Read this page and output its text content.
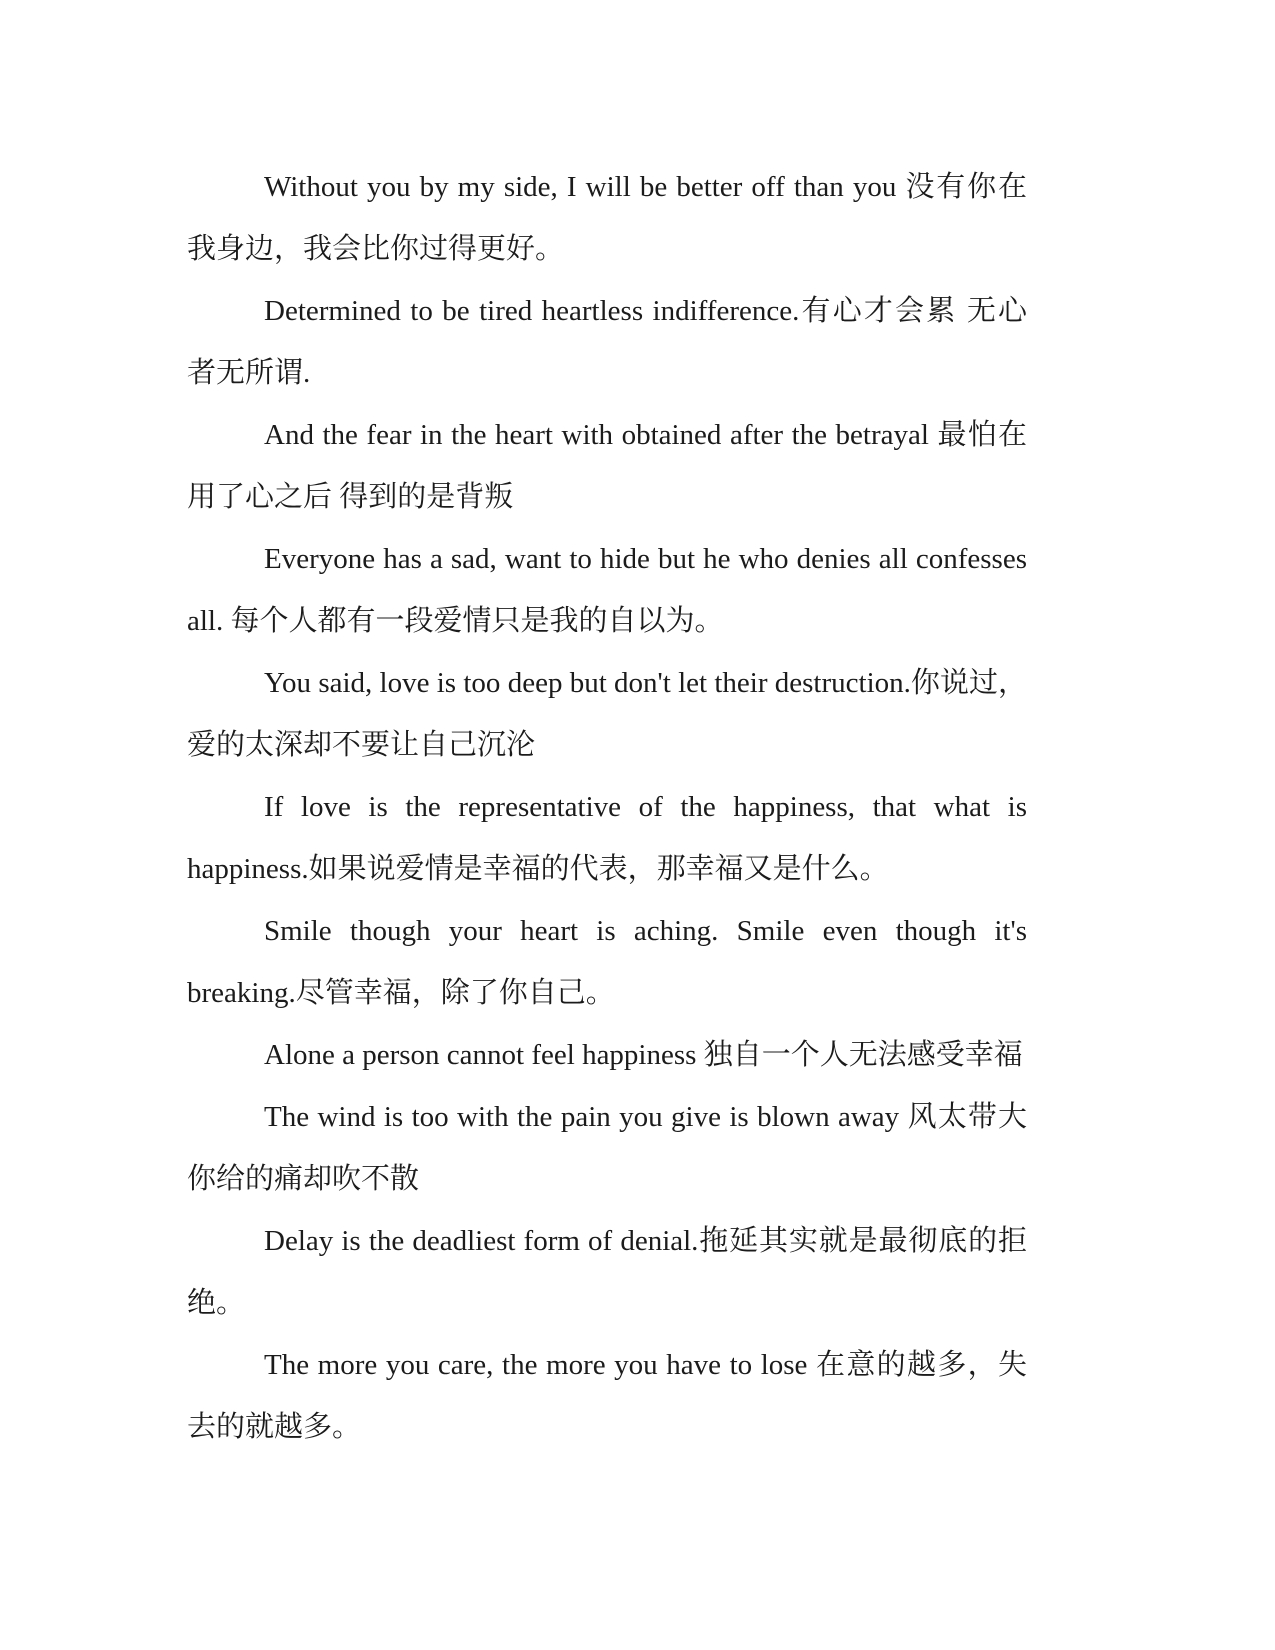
Without you by my side, I will be better off than you 没有你在我身边，我会比你过得更好。

Determined to be tired heartless indifference.有心才会累 无心者无所谓.

And the fear in the heart with obtained after the betrayal 最怕在用了心之后 得到的是背叛

Everyone has a sad, want to hide but he who denies all confesses all. 每个人都有一段爱情只是我的自以为。

You said, love is too deep but don't let their destruction.你说过，爱的太深却不要让自己沉沦

If love is the representative of the happiness, that what is happiness.如果说爱情是幸福的代表，那幸福又是什么。

Smile though your heart is aching. Smile even though it's breaking.尽管幸福，除了你自己。

Alone a person cannot feel happiness 独自一个人无法感受幸福

The wind is too with the pain you give is blown away 风太带大你给的痛却吹不散

Delay is the deadliest form of denial.拖延其实就是最彻底的拒绝。

The more you care, the more you have to lose 在意的越多，失去的就越多。
